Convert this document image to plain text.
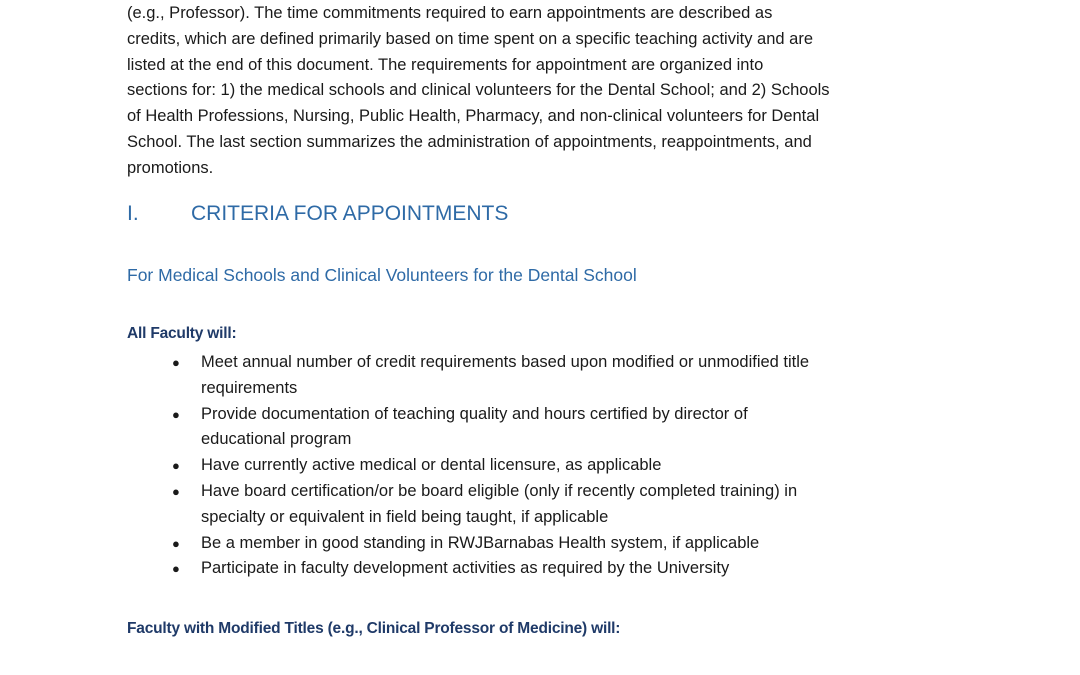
(e.g., Professor). The time commitments required to earn appointments are described as
credits, which are defined primarily based on time spent on a specific teaching activity and are
listed at the end of this document. The requirements for appointment are organized into
sections for: 1) the medical schools and clinical volunteers for the Dental School; and 2) Schools
of Health Professions, Nursing, Public Health, Pharmacy, and non-clinical volunteers for Dental
School. The last section summarizes the administration of appointments, reappointments, and
promotions.

I. CRITERIA FOR APPOINTMENTS
For Medical Schools and Clinical Volunteers for the Dental School

All Faculty will:

● Meet annual number of credit requirements based upon modified or unmodified title
requirements
● Provide documentation of teaching quality and hours certified by director of
educational program
● Have currently active medical or dental licensure, as applicable
● Have board certification/or be board eligible (only if recently completed training) in
specialty or equivalent in field being taught, if applicable
● Be a member in good standing in RWJBarnabas Health system, if applicable
● Participate in faculty development activities as required by the University

Faculty with Modified Titles (e.g., Clinical Professor of Medicine) will:
